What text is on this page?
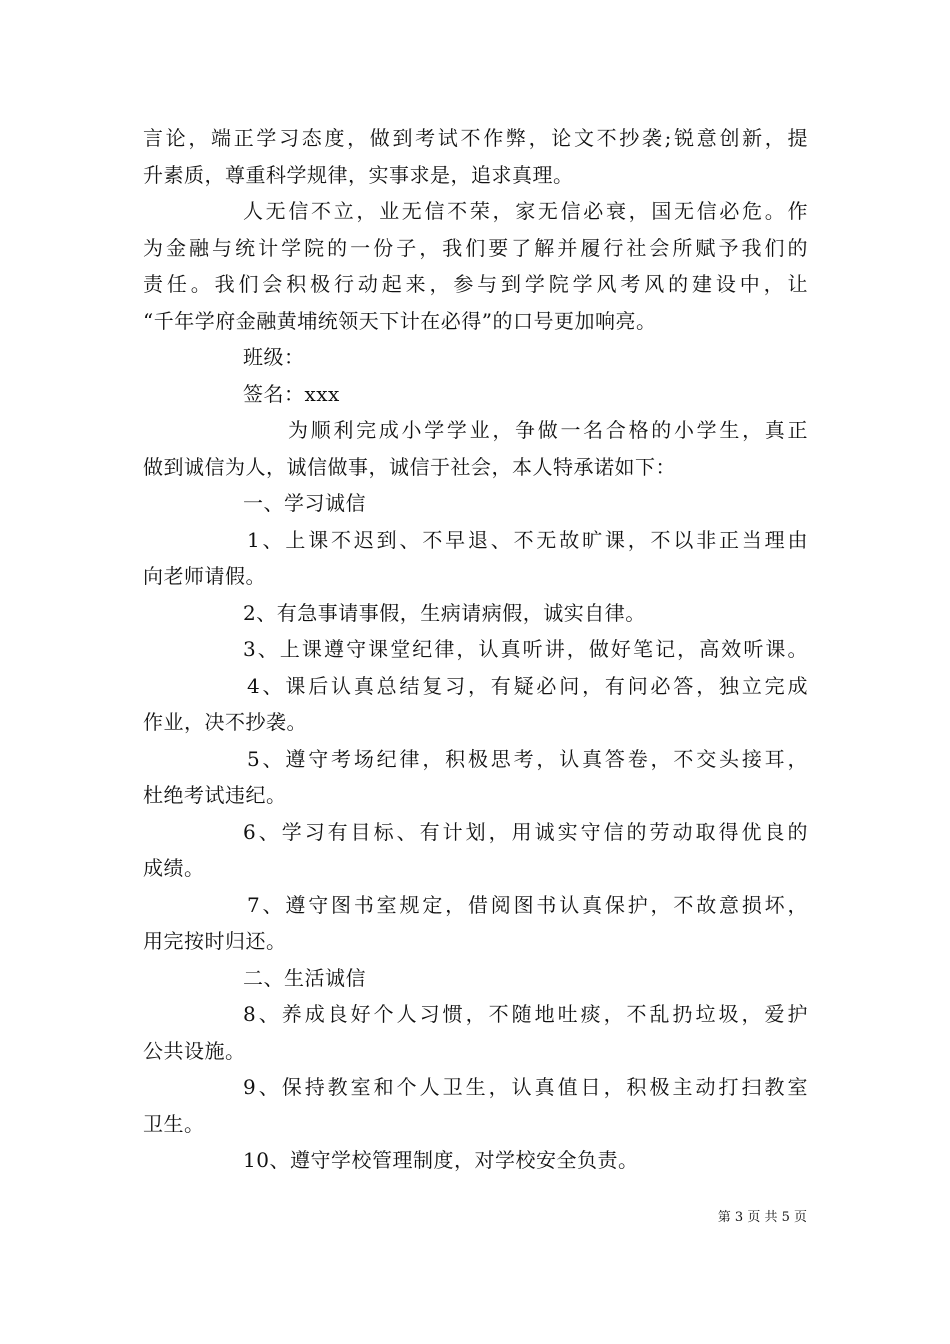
言论，端正学习态度，做到考试不作弊，论文不抄袭;锐意创新，提
升素质，尊重科学规律，实事求是，追求真理。
人无信不立，业无信不荣，家无信必衰，国无信必危。作
为金融与统计学院的一份子，我们要了解并履行社会所赋予我们的
责任。我们会积极行动起来，参与到学院学风考风的建设中，让
“千年学府金融黄埔统领天下计在必得”的口号更加响亮。
班级：
签名：xxx
为顺利完成小学学业，争做一名合格的小学生，真正
做到诚信为人，诚信做事，诚信于社会，本人特承诺如下：
一、学习诚信
1、上课不迟到、不早退、不无故旷课，不以非正当理由
向老师请假。
2、有急事请事假，生病请病假，诚实自律。
3、上课遵守课堂纪律，认真听讲，做好笔记，高效听课。
4、课后认真总结复习，有疑必问，有问必答，独立完成
作业，决不抄袭。
5、遵守考场纪律，积极思考，认真答卷，不交头接耳，
杜绝考试违纪。
6、学习有目标、有计划，用诚实守信的劳动取得优良的
成绩。
7、遵守图书室规定，借阅图书认真保护，不故意损坏，
用完按时归还。
二、生活诚信
8、养成良好个人习惯，不随地吐痰，不乱扔垃圾，爱护
公共设施。
9、保持教室和个人卫生，认真值日，积极主动打扫教室
卫生。
10、遵守学校管理制度，对学校安全负责。
第 3 页 共 5 页
